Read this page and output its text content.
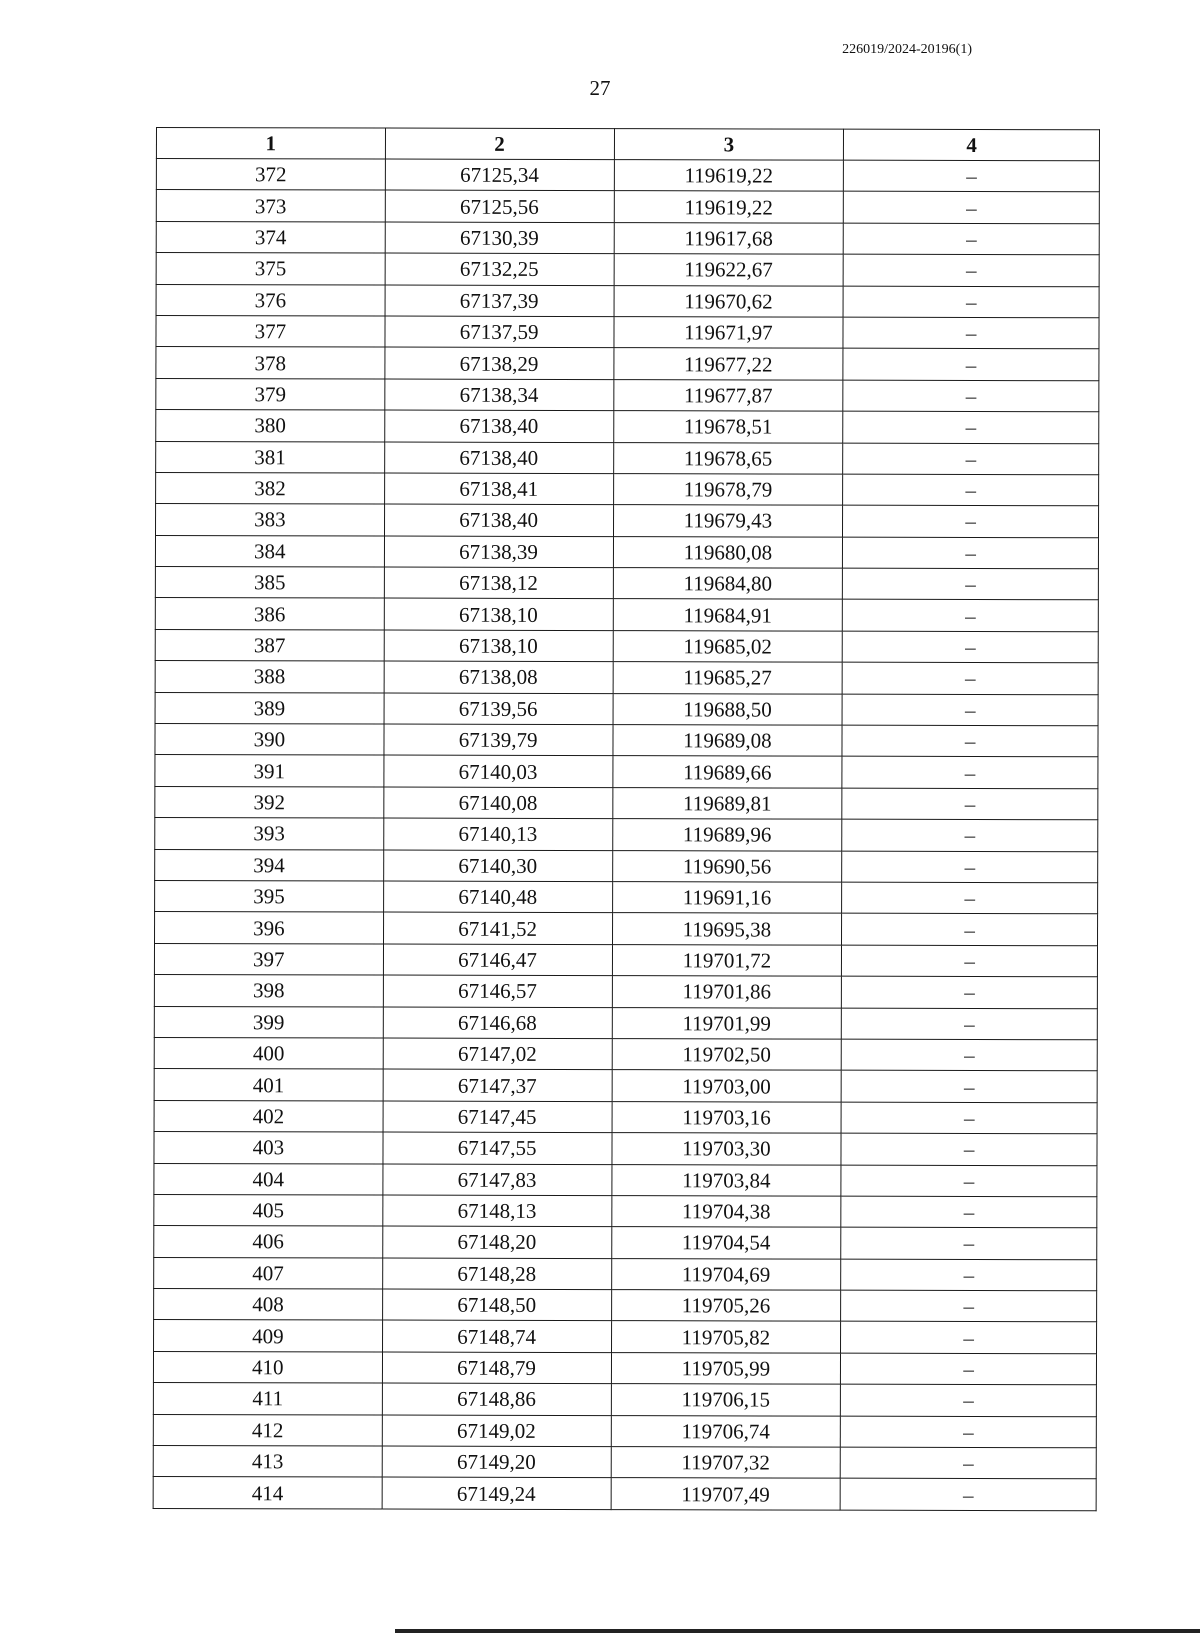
226019/2024-20196(1)
27
1	2	3	4
372	67125,34	119619,22	–
373	67125,56	119619,22	–
374	67130,39	119617,68	–
375	67132,25	119622,67	–
376	67137,39	119670,62	–
377	67137,59	119671,97	–
378	67138,29	119677,22	–
379	67138,34	119677,87	–
380	67138,40	119678,51	–
381	67138,40	119678,65	–
382	67138,41	119678,79	–
383	67138,40	119679,43	–
384	67138,39	119680,08	–
385	67138,12	119684,80	–
386	67138,10	119684,91	–
387	67138,10	119685,02	–
388	67138,08	119685,27	–
389	67139,56	119688,50	–
390	67139,79	119689,08	–
391	67140,03	119689,66	–
392	67140,08	119689,81	–
393	67140,13	119689,96	–
394	67140,30	119690,56	–
395	67140,48	119691,16	–
396	67141,52	119695,38	–
397	67146,47	119701,72	–
398	67146,57	119701,86	–
399	67146,68	119701,99	–
400	67147,02	119702,50	–
401	67147,37	119703,00	–
402	67147,45	119703,16	–
403	67147,55	119703,30	–
404	67147,83	119703,84	–
405	67148,13	119704,38	–
406	67148,20	119704,54	–
407	67148,28	119704,69	–
408	67148,50	119705,26	–
409	67148,74	119705,82	–
410	67148,79	119705,99	–
411	67148,86	119706,15	–
412	67149,02	119706,74	–
413	67149,20	119707,32	–
414	67149,24	119707,49	–
